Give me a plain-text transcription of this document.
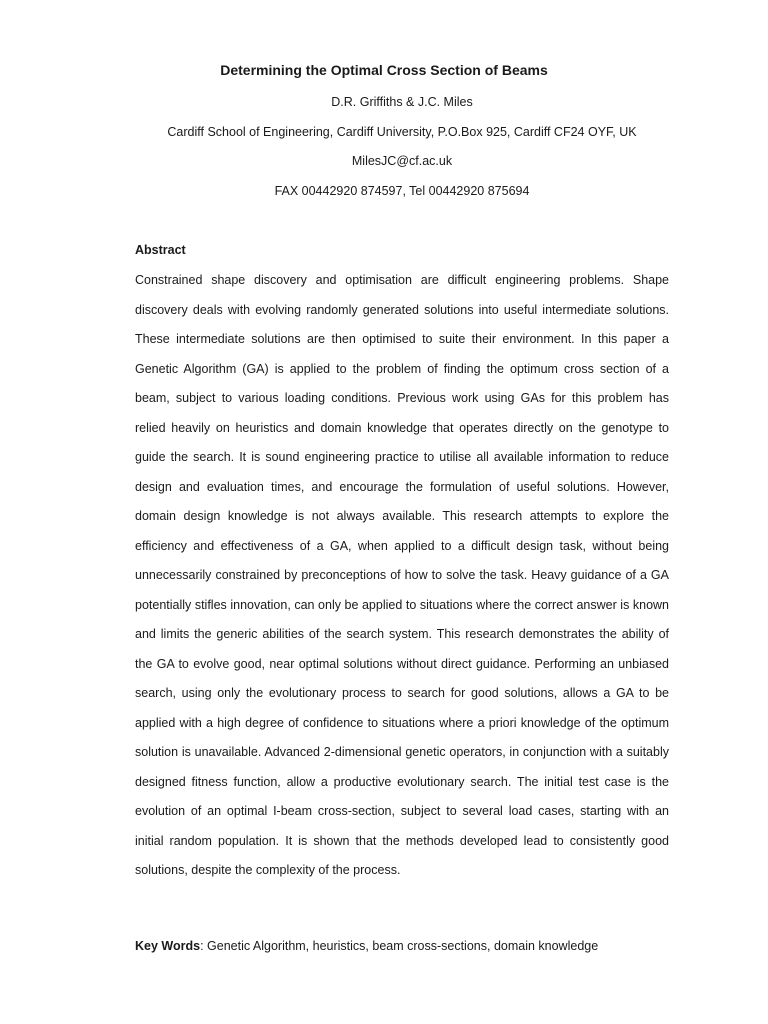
Determining the Optimal Cross Section of Beams
D.R. Griffiths & J.C. Miles
Cardiff School of Engineering, Cardiff University, P.O.Box 925, Cardiff CF24 OYF, UK
MilesJC@cf.ac.uk
FAX 00442920 874597, Tel 00442920 875694
Abstract
Constrained shape discovery and optimisation are difficult engineering problems. Shape
discovery deals with evolving randomly generated solutions into useful intermediate solutions.
These intermediate solutions are then optimised to suite their environment. In this paper a
Genetic Algorithm (GA) is applied to the problem of finding the optimum cross section of a
beam, subject to various loading conditions. Previous work using GAs for this problem has
relied heavily on heuristics and domain knowledge that operates directly on the genotype to
guide the search. It is sound engineering practice to utilise all available information to reduce
design and evaluation times, and encourage the formulation of useful solutions. However,
domain design knowledge is not always available. This research attempts to explore the
efficiency and effectiveness of a GA, when applied to a difficult design task, without being
unnecessarily constrained by preconceptions of how to solve the task. Heavy guidance of a GA
potentially stifles innovation, can only be applied to situations where the correct answer is known
and limits the generic abilities of the search system. This research demonstrates the ability of
the GA to evolve good, near optimal solutions without direct guidance. Performing an unbiased
search, using only the evolutionary process to search for good solutions, allows a GA to be
applied with a high degree of confidence to situations where a priori knowledge of the optimum
solution is unavailable. Advanced 2-dimensional genetic operators, in conjunction with a suitably
designed fitness function, allow a productive evolutionary search. The initial test case is the
evolution of an optimal I-beam cross-section, subject to several load cases, starting with an
initial random population. It is shown that the methods developed lead to consistently good
solutions, despite the complexity of the process.
Key Words: Genetic Algorithm, heuristics, beam cross-sections, domain knowledge
